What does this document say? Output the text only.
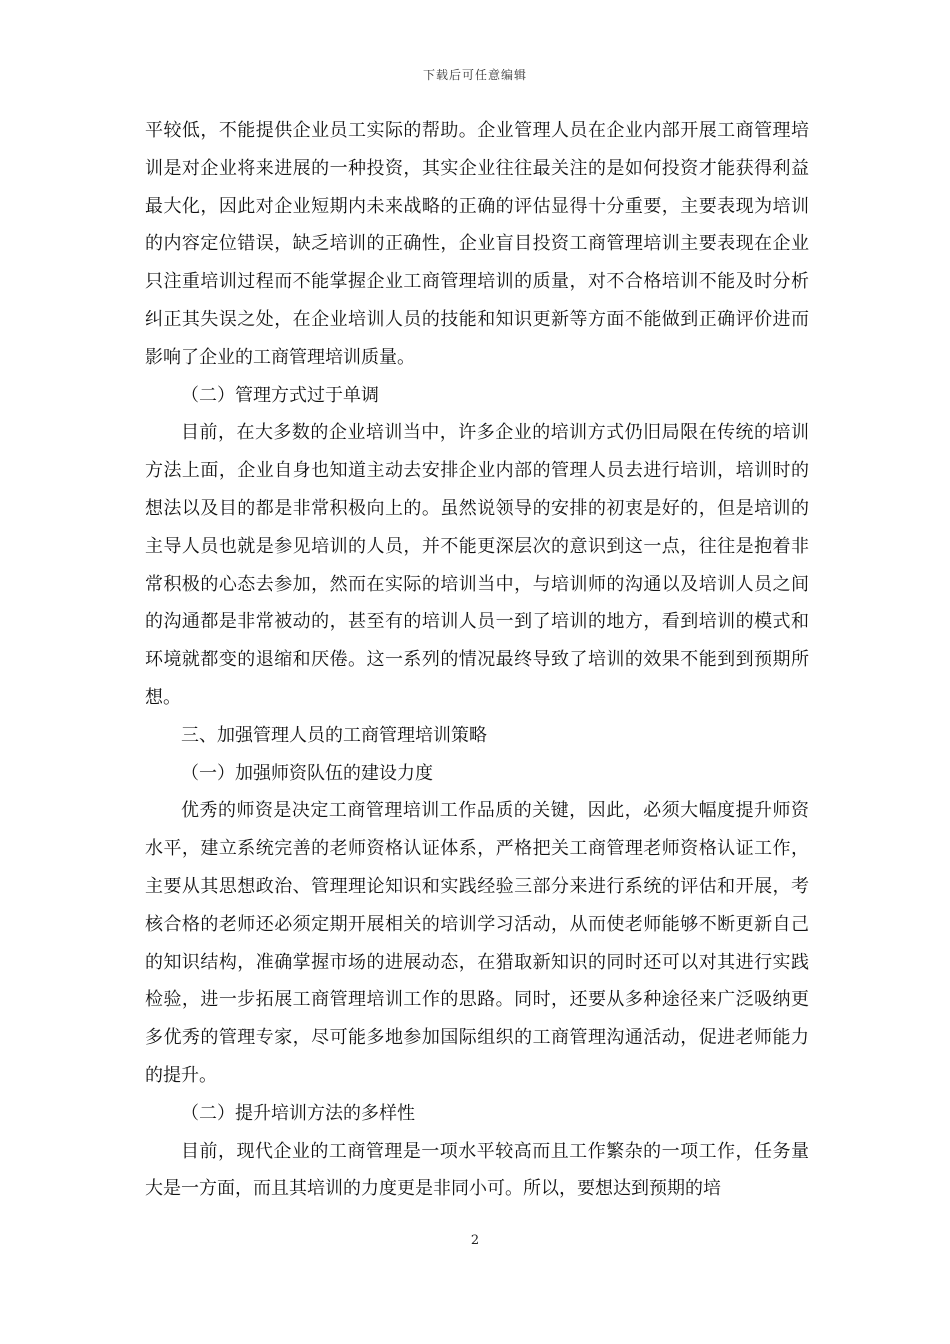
下载后可任意编辑

平较低，不能提供企业员工实际的帮助。企业管理人员在企业内部开展工商管理培训是对企业将来进展的一种投资，其实企业往往最关注的是如何投资才能获得利益最大化，因此对企业短期内未来战略的正确的评估显得十分重要，主要表现为培训的内容定位错误，缺乏培训的正确性，企业盲目投资工商管理培训主要表现在企业只注重培训过程而不能掌握企业工商管理培训的质量，对不合格培训不能及时分析纠正其失误之处，在企业培训人员的技能和知识更新等方面不能做到正确评价进而影响了企业的工商管理培训质量。

（二）管理方式过于单调

目前，在大多数的企业培训当中，许多企业的培训方式仍旧局限在传统的培训方法上面，企业自身也知道主动去安排企业内部的管理人员去进行培训，培训时的想法以及目的都是非常积极向上的。虽然说领导的安排的初衷是好的，但是培训的主导人员也就是参见培训的人员，并不能更深层次的意识到这一点，往往是抱着非常积极的心态去参加，然而在实际的培训当中，与培训师的沟通以及培训人员之间的沟通都是非常被动的，甚至有的培训人员一到了培训的地方，看到培训的模式和环境就都变的退缩和厌倦。这一系列的情况最终导致了培训的效果不能到到预期所想。

三、加强管理人员的工商管理培训策略

（一）加强师资队伍的建设力度

优秀的师资是决定工商管理培训工作品质的关键，因此，必须大幅度提升师资水平，建立系统完善的老师资格认证体系，严格把关工商管理老师资格认证工作，主要从其思想政治、管理理论知识和实践经验三部分来进行系统的评估和开展，考核合格的老师还必须定期开展相关的培训学习活动，从而使老师能够不断更新自己的知识结构，准确掌握市场的进展动态，在猎取新知识的同时还可以对其进行实践检验，进一步拓展工商管理培训工作的思路。同时，还要从多种途径来广泛吸纳更多优秀的管理专家，尽可能多地参加国际组织的工商管理沟通活动，促进老师能力的提升。

（二）提升培训方法的多样性

目前，现代企业的工商管理是一项水平较高而且工作繁杂的一项工作，任务量大是一方面，而且其培训的力度更是非同小可。所以，要想达到预期的培

2
